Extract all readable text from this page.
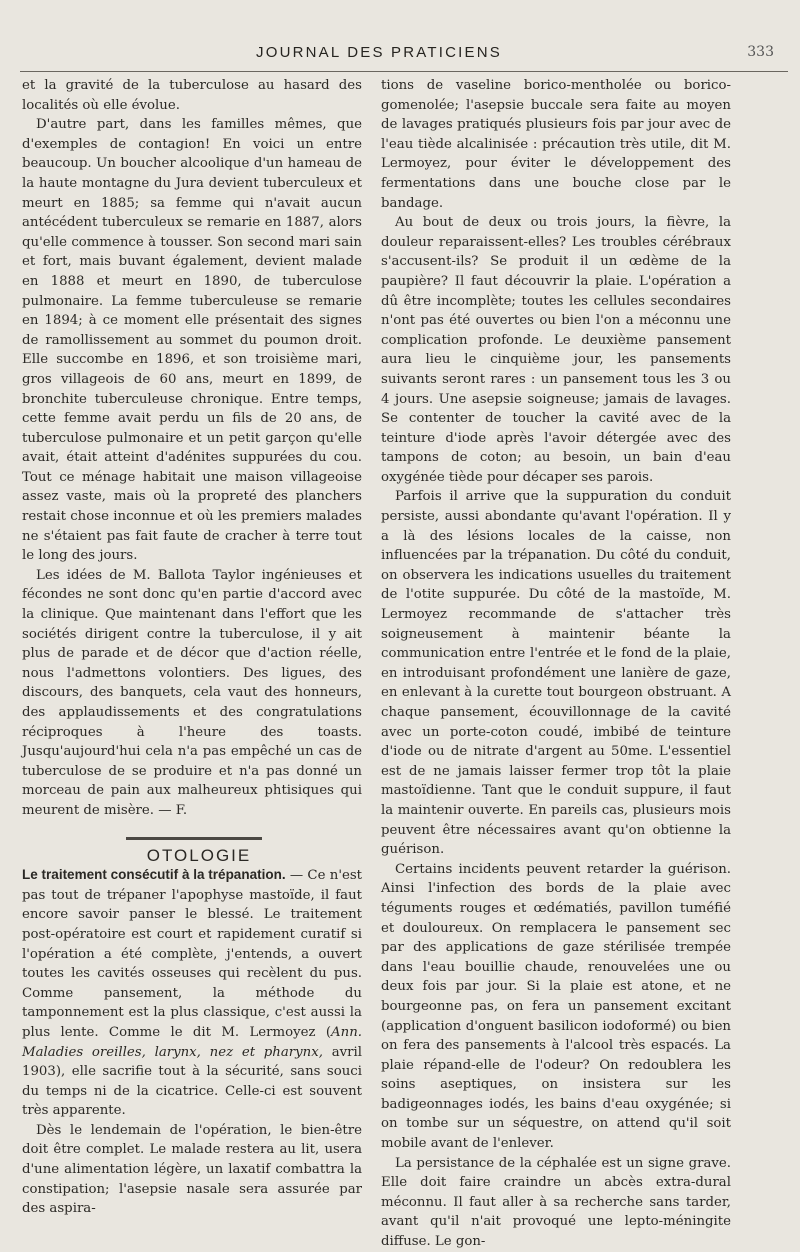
JOURNAL DES PRATICIENS	333

et la gravité de la tuberculose au hasard des localités où elle évolue.

D'autre part, dans les familles mêmes, que d'exemples de contagion! En voici un entre beaucoup. Un boucher alcoolique d'un hameau de la haute montagne du Jura devient tuberculeux et meurt en 1885; sa femme qui n'avait aucun antécédent tuberculeux se remarie en 1887, alors qu'elle commence à tousser. Son second mari sain et fort, mais buvant également, devient malade en 1888 et meurt en 1890, de tuberculose pulmonaire. La femme tuberculeuse se remarie en 1894; à ce moment elle présentait des signes de ramollissement au sommet du poumon droit. Elle succombe en 1896, et son troisième mari, gros villageois de 60 ans, meurt en 1899, de bronchite tuberculeuse chronique. Entre temps, cette femme avait perdu un fils de 20 ans, de tuberculose pulmonaire et un petit garçon qu'elle avait, était atteint d'adénites suppurées du cou. Tout ce ménage habitait une maison villageoise assez vaste, mais où la propreté des planchers restait chose inconnue et où les premiers malades ne s'étaient pas fait faute de cracher à terre tout le long des jours.

Les idées de M. Ballota Taylor ingénieuses et fécondes ne sont donc qu'en partie d'accord avec la clinique. Que maintenant dans l'effort que les sociétés dirigent contre la tuberculose, il y ait plus de parade et de décor que d'action réelle, nous l'admettons volontiers. Des ligues, des discours, des banquets, cela vaut des honneurs, des applaudissements et des congratulations réciproques à l'heure des toasts. Jusqu'aujourd'hui cela n'a pas empêché un cas de tuberculose de se produire et n'a pas donné un morceau de pain aux malheureux phtisiques qui meurent de misère. — F.

OTOLOGIE

Le traitement consécutif à la trépanation. — Ce n'est pas tout de trépaner l'apophyse mastoïde, il faut encore savoir panser le blessé. Le traitement post-opératoire est court et rapidement curatif si l'opération a été complète, j'entends, a ouvert toutes les cavités osseuses qui recèlent du pus. Comme pansement, la méthode du tamponnement est la plus classique, c'est aussi la plus lente. Comme le dit M. Lermoyez (Ann. Maladies oreilles, larynx, nez et pharynx, avril 1903), elle sacrifie tout à la sécurité, sans souci du temps ni de la cicatrice. Celle-ci est souvent très apparente.

Dès le lendemain de l'opération, le bien-être doit être complet. Le malade restera au lit, usera d'une alimentation légère, un laxatif combattra la constipation; l'asepsie nasale sera assurée par des aspira-

tions de vaseline borico-mentholée ou borico-gomenolée; l'asepsie buccale sera faite au moyen de lavages pratiqués plusieurs fois par jour avec de l'eau tiède alcalinisée : précaution très utile, dit M. Lermoyez, pour éviter le développement des fermentations dans une bouche close par le bandage.

Au bout de deux ou trois jours, la fièvre, la douleur reparaissent-elles? Les troubles cérébraux s'accusent-ils? Se produit il un œdème de la paupière? Il faut découvrir la plaie. L'opération a dû être incomplète; toutes les cellules secondaires n'ont pas été ouvertes ou bien l'on a méconnu une complication profonde. Le deuxième pansement aura lieu le cinquième jour, les pansements suivants seront rares : un pansement tous les 3 ou 4 jours. Une asepsie soigneuse; jamais de lavages. Se contenter de toucher la cavité avec de la teinture d'iode après l'avoir détergée avec des tampons de coton; au besoin, un bain d'eau oxygénée tiède pour décaper ses parois.

Parfois il arrive que la suppuration du conduit persiste, aussi abondante qu'avant l'opération. Il y a là des lésions locales de la caisse, non influencées par la trépanation. Du côté du conduit, on observera les indications usuelles du traitement de l'otite suppurée. Du côté de la mastoïde, M. Lermoyez recommande de s'attacher très soigneusement à maintenir béante la communication entre l'entrée et le fond de la plaie, en introduisant profondément une lanière de gaze, en enlevant à la curette tout bourgeon obstruant. A chaque pansement, écouvillonnage de la cavité avec un porte-coton coudé, imbibé de teinture d'iode ou de nitrate d'argent au 50me. L'essentiel est de ne jamais laisser fermer trop tôt la plaie mastoïdienne. Tant que le conduit suppure, il faut la maintenir ouverte. En pareils cas, plusieurs mois peuvent être nécessaires avant qu'on obtienne la guérison.

Certains incidents peuvent retarder la guérison. Ainsi l'infection des bords de la plaie avec téguments rouges et œdématiés, pavillon tuméfié et douloureux. On remplacera le pansement sec par des applications de gaze stérilisée trempée dans l'eau bouillie chaude, renouvelées une ou deux fois par jour. Si la plaie est atone, et ne bourgeonne pas, on fera un pansement excitant (application d'onguent basilicon iodoformé) ou bien on fera des pansements à l'alcool très espacés. La plaie répand-elle de l'odeur? On redoublera les soins aseptiques, on insistera sur les badigeonnages iodés, les bains d'eau oxygénée; si on tombe sur un séquestre, on attend qu'il soit mobile avant de l'enlever.

La persistance de la céphalée est un signe grave. Elle doit faire craindre un abcès extra-dural méconnu. Il faut aller à sa recherche sans tarder, avant qu'il n'ait provoqué une lepto-méningite diffuse. Le gon-
